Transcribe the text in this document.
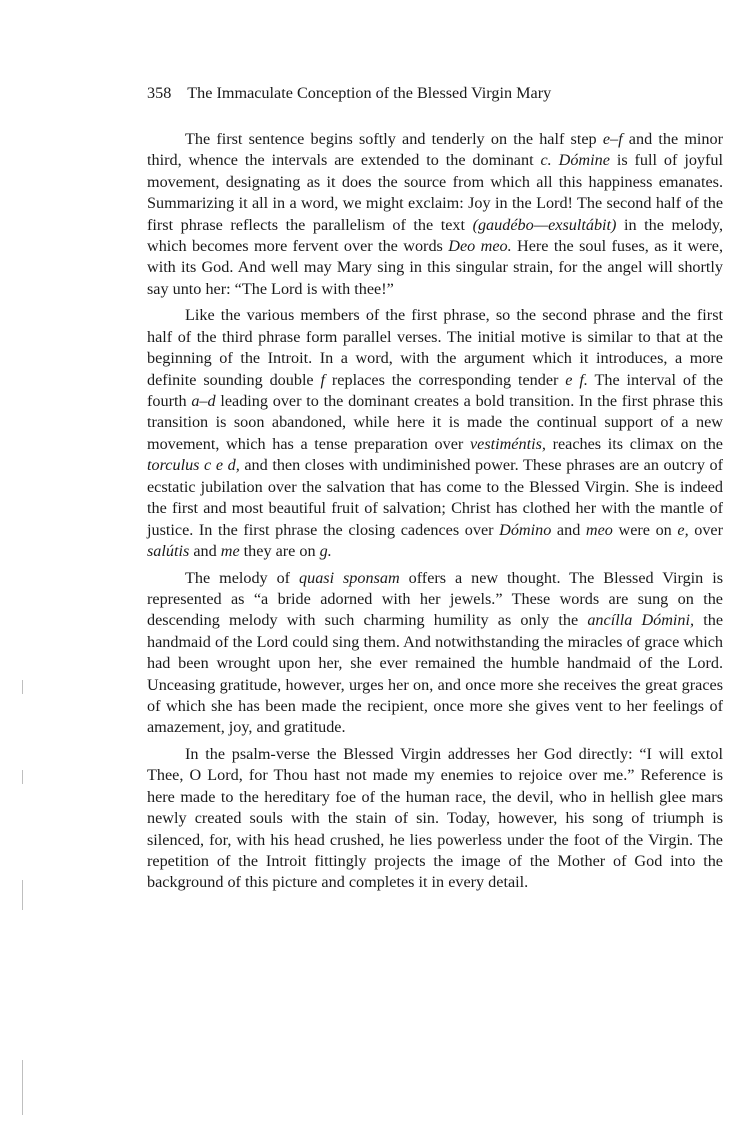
358 The Immaculate Conception of the Blessed Virgin Mary

The first sentence begins softly and tenderly on the half step e–f and the minor third, whence the intervals are extended to the dominant c. Dómine is full of joyful movement, designating as it does the source from which all this happiness emanates. Summarizing it all in a word, we might exclaim: Joy in the Lord! The second half of the first phrase reflects the parallelism of the text (gaudébo—exsultábit) in the melody, which becomes more fervent over the words Deo meo. Here the soul fuses, as it were, with its God. And well may Mary sing in this singular strain, for the angel will shortly say unto her: “The Lord is with thee!”

Like the various members of the first phrase, so the second phrase and the first half of the third phrase form parallel verses. The initial motive is similar to that at the beginning of the Introit. In a word, with the argument which it introduces, a more definite sounding double f replaces the corresponding tender e f. The interval of the fourth a–d leading over to the dominant creates a bold transition. In the first phrase this transition is soon abandoned, while here it is made the continual support of a new movement, which has a tense preparation over vestiméntis, reaches its climax on the torculus c e d, and then closes with undiminished power. These phrases are an outcry of ecstatic jubilation over the salvation that has come to the Blessed Virgin. She is indeed the first and most beautiful fruit of salvation; Christ has clothed her with the mantle of justice. In the first phrase the closing cadences over Dómino and meo were on e, over salútis and me they are on g.

The melody of quasi sponsam offers a new thought. The Blessed Virgin is represented as “a bride adorned with her jewels.” These words are sung on the descending melody with such charming humility as only the ancílla Dómini, the handmaid of the Lord could sing them. And notwithstanding the miracles of grace which had been wrought upon her, she ever remained the humble handmaid of the Lord. Unceasing gratitude, however, urges her on, and once more she receives the great graces of which she has been made the recipient, once more she gives vent to her feelings of amazement, joy, and gratitude.

In the psalm-verse the Blessed Virgin addresses her God directly: “I will extol Thee, O Lord, for Thou hast not made my enemies to rejoice over me.” Reference is here made to the hereditary foe of the human race, the devil, who in hellish glee mars newly created souls with the stain of sin. Today, however, his song of triumph is silenced, for, with his head crushed, he lies powerless under the foot of the Virgin. The repetition of the Introit fittingly projects the image of the Mother of God into the background of this picture and completes it in every detail.
